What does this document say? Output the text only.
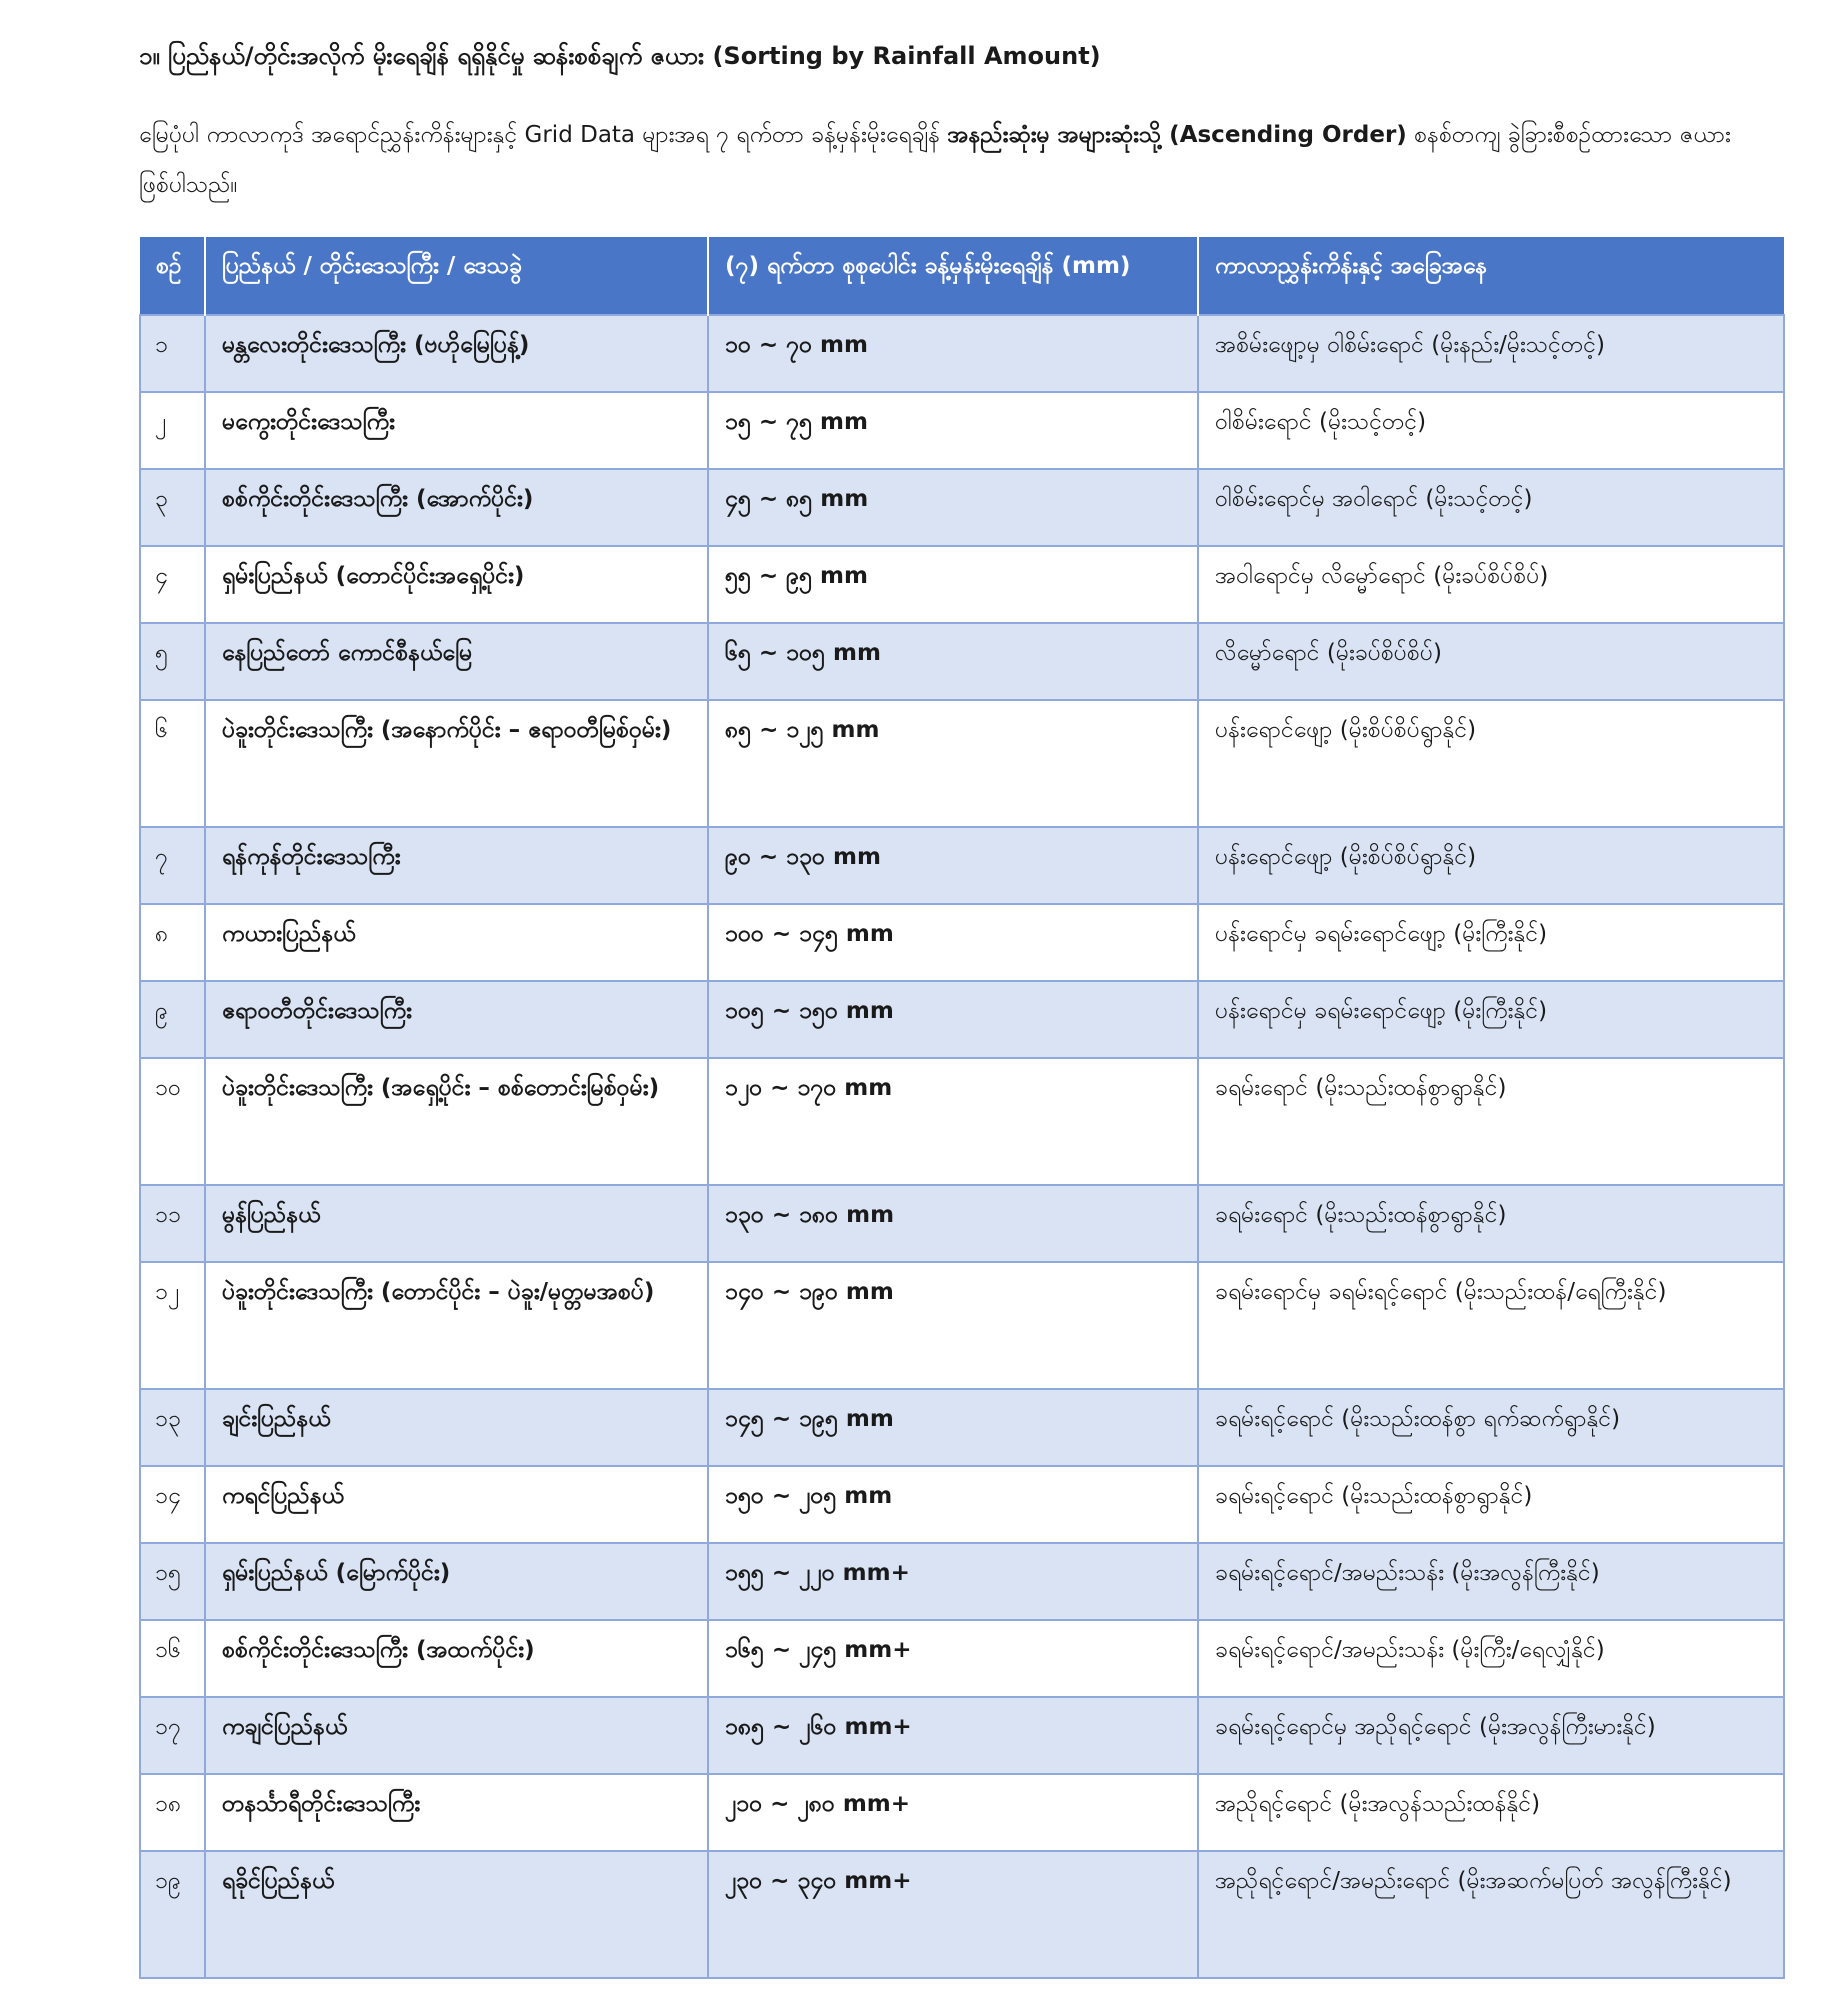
၁။ ပြည်နယ်/တိုင်းအလိုက် မိုးရေချိန် ရရှိနိုင်မှု ဆန်းစစ်ချက် ဇယား (Sorting by Rainfall Amount)
မြေပုံပါ ကာလာကုဒ် အရောင်ညွှန်းကိန်းများနှင့် Grid Data များအရ ၇ ရက်တာ ခန့်မှန်းမိုးရေချိန် အနည်းဆုံးမှ အများဆုံးသို့ (Ascending Order) စနစ်တကျ ခွဲခြားစီစဉ်ထားသော ဇယားဖြစ်ပါသည်။
စဉ်	ပြည်နယ် / တိုင်းဒေသကြီး / ဒေသခွဲ	(၇) ရက်တာ စုစုပေါင်း ခန့်မှန်းမိုးရေချိန် (mm)	ကာလာညွှန်းကိန်းနှင့် အခြေအနေ
၁	မန္တလေးတိုင်းဒေသကြီး (ဗဟိုမြေပြန့်)	၁၀ ~ ၇၀ mm	အစိမ်းဖျော့မှ ဝါစိမ်းရောင် (မိုးနည်း/မိုးသင့်တင့်)
၂	မကွေးတိုင်းဒေသကြီး	၁၅ ~ ၇၅ mm	ဝါစိမ်းရောင် (မိုးသင့်တင့်)
၃	စစ်ကိုင်းတိုင်းဒေသကြီး (အောက်ပိုင်း)	၄၅ ~ ၈၅ mm	ဝါစိမ်းရောင်မှ အဝါရောင် (မိုးသင့်တင့်)
၄	ရှမ်းပြည်နယ် (တောင်ပိုင်းအရှေ့ပိုင်း)	၅၅ ~ ၉၅ mm	အဝါရောင်မှ လိမ္မော်ရောင် (မိုးခပ်စိပ်စိပ်)
၅	နေပြည်တော် ကောင်စီနယ်မြေ	၆၅ ~ ၁၀၅ mm	လိမ္မော်ရောင် (မိုးခပ်စိပ်စိပ်)
၆	ပဲခူးတိုင်းဒေသကြီး (အနောက်ပိုင်း – ဧရာဝတီမြစ်ဝှမ်း)	၈၅ ~ ၁၂၅ mm	ပန်းရောင်ဖျော့ (မိုးစိပ်စိပ်ရွာနိုင်)
၇	ရန်ကုန်တိုင်းဒေသကြီး	၉၀ ~ ၁၃၀ mm	ပန်းရောင်ဖျော့ (မိုးစိပ်စိပ်ရွာနိုင်)
၈	ကယားပြည်နယ်	၁၀၀ ~ ၁၄၅ mm	ပန်းရောင်မှ ခရမ်းရောင်ဖျော့ (မိုးကြီးနိုင်)
၉	ဧရာဝတီတိုင်းဒေသကြီး	၁၀၅ ~ ၁၅၀ mm	ပန်းရောင်မှ ခရမ်းရောင်ဖျော့ (မိုးကြီးနိုင်)
၁၀	ပဲခူးတိုင်းဒေသကြီး (အရှေ့ပိုင်း – စစ်တောင်းမြစ်ဝှမ်း)	၁၂၀ ~ ၁၇၀ mm	ခရမ်းရောင် (မိုးသည်းထန်စွာရွာနိုင်)
၁၁	မွန်ပြည်နယ်	၁၃၀ ~ ၁၈၀ mm	ခရမ်းရောင် (မိုးသည်းထန်စွာရွာနိုင်)
၁၂	ပဲခူးတိုင်းဒေသကြီး (တောင်ပိုင်း – ပဲခူး/မုတ္တမအစပ်)	၁၄၀ ~ ၁၉၀ mm	ခရမ်းရောင်မှ ခရမ်းရင့်ရောင် (မိုးသည်းထန်/ရေကြီးနိုင်)
၁၃	ချင်းပြည်နယ်	၁၄၅ ~ ၁၉၅ mm	ခရမ်းရင့်ရောင် (မိုးသည်းထန်စွာ ရက်ဆက်ရွာနိုင်)
၁၄	ကရင်ပြည်နယ်	၁၅၀ ~ ၂၀၅ mm	ခရမ်းရင့်ရောင် (မိုးသည်းထန်စွာရွာနိုင်)
၁၅	ရှမ်းပြည်နယ် (မြောက်ပိုင်း)	၁၅၅ ~ ၂၂၀ mm+	ခရမ်းရင့်ရောင်/အမည်းသန်း (မိုးအလွန်ကြီးနိုင်)
၁၆	စစ်ကိုင်းတိုင်းဒေသကြီး (အထက်ပိုင်း)	၁၆၅ ~ ၂၄၅ mm+	ခရမ်းရင့်ရောင်/အမည်းသန်း (မိုးကြီး/ရေလျှံနိုင်)
၁၇	ကချင်ပြည်နယ်	၁၈၅ ~ ၂၆၀ mm+	ခရမ်းရင့်ရောင်မှ အညိုရင့်ရောင် (မိုးအလွန်ကြီးမားနိုင်)
၁၈	တနင်္သာရီတိုင်းဒေသကြီး	၂၁၀ ~ ၂၈၀ mm+	အညိုရင့်ရောင် (မိုးအလွန်သည်းထန်နိုင်)
၁၉	ရခိုင်ပြည်နယ်	၂၃၀ ~ ၃၄၀ mm+	အညိုရင့်ရောင်/အမည်းရောင် (မိုးအဆက်မပြတ် အလွန်ကြီးနိုင်)
